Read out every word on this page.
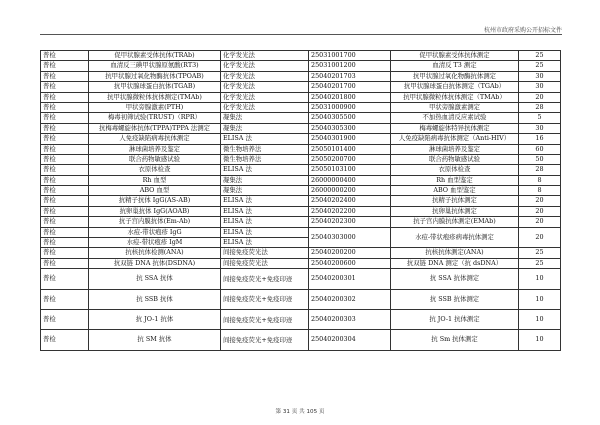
杭州市政府采购公开招标文件
普检	促甲状腺素受体抗体(TRAb)	化学发光法	25031001700	促甲状腺素受体抗体测定	25
普检	血清反三碘甲状腺原氨酸(RT3)	化学发光法	25031001200	血清反 T3 测定	25
普检	抗甲状腺过氧化物酶抗体(TPOAB)	化学发光法	25040201703	抗甲状腺过氧化物酶抗体测定	30
普检	抗甲状腺球蛋白抗体(TGAB)	化学发光法	25040201700	抗甲状腺球蛋白抗体测定（TGAb）	30
普检	抗甲状腺微粒体抗体测定(TMAb)	化学发光法	25040201800	抗甲状腺微粒体抗体测定（TMAb）	20
普检	甲状旁腺激素(PTH)	化学发光法	25031000900	甲状旁腺激素测定	28
普检	梅毒初筛试验(TRUST)（RPR）	凝集法	25040305500	不加热血清反应素试验	5
普检	抗梅毒螺旋体抗体(TPPA)TPPA 法测定	凝集法	25040305300	梅毒螺旋体特异抗体测定	30
普检	人免疫缺陷病毒抗体测定	ELISA 法	25040301900	人免疫缺陷病毒抗体测定（Anti-HIV）	16
普检	淋球菌培养及鉴定	微生物培养法	25050101400	淋球菌培养及鉴定	60
普检	联合药物敏感试验	微生物培养法	25050200700	联合药物敏感试验	50
普检	衣原体检查	ELISA 法	25050103100	衣原体检查	28
普检	Rh 血型	凝集法	26000000400	Rh 血型鉴定	8
普检	ABO 血型	凝集法	26000000200	ABO 血型鉴定	8
普检	抗精子抗体 IgG(AS-AB)	ELISA 法	25040202400	抗精子抗体测定	20
普检	抗卵巢抗体 IgG(AOAB)	ELISA 法	25040202200	抗卵巢抗体测定	20
普检	抗子宫内膜抗体(Em-Ab)	ELISA 法	25040202300	抗子宫内膜抗体测定(EMAb)	20
普检	水痘-带状疱疹 IgG	ELISA 法	25040303000	水痘-带状疱疹病毒抗体测定	20
普检	水痘-带状疱疹 IgM	ELISA 法			
普检	抗核抗体检测(ANA)	间接免疫荧光法	25040200200	抗核抗体测定(ANA)	25
普检	抗双链 DNA 抗体(DSDNA)	间接免疫荧光法	25040200600	抗双链 DNA 测定（抗 dsDNA）	25
普检	抗 SSA 抗体	间接免疫荧光+免疫印迹	25040200301	抗 SSA 抗体测定	10
普检	抗 SSB 抗体	间接免疫荧光+免疫印迹	25040200302	抗 SSB 抗体测定	10
普检	抗 JO-1 抗体	间接免疫荧光+免疫印迹	25040200303	抗 JO-1 抗体测定	10
普检	抗 SM 抗体	间接免疫荧光+免疫印迹	25040200304	抗 Sm 抗体测定	10
第 31 页 共 105 页
